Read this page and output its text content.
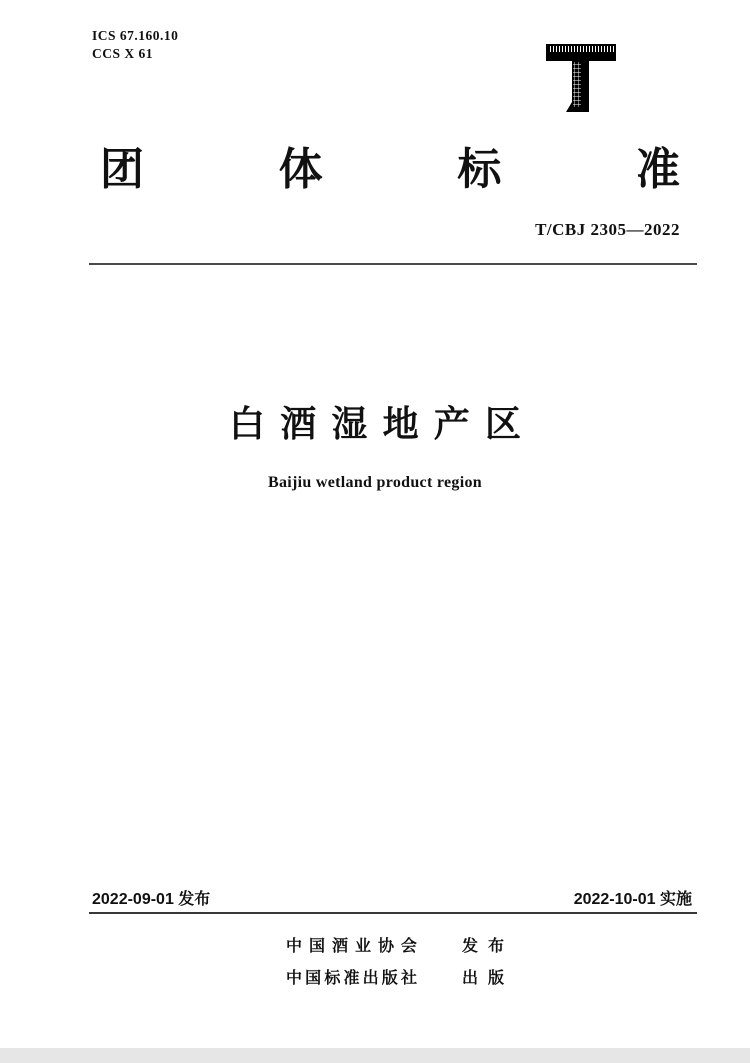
ICS 67.160.10
CCS X 61
团	体	标	准
T/CBJ 2305—2022
白 酒 湿 地 产 区
Baijiu wetland product region
2022-09-01 发布	2022-10-01 实施
中 国 酒 业 协 会	发 布
中 国 标 准 出 版 社	出 版
